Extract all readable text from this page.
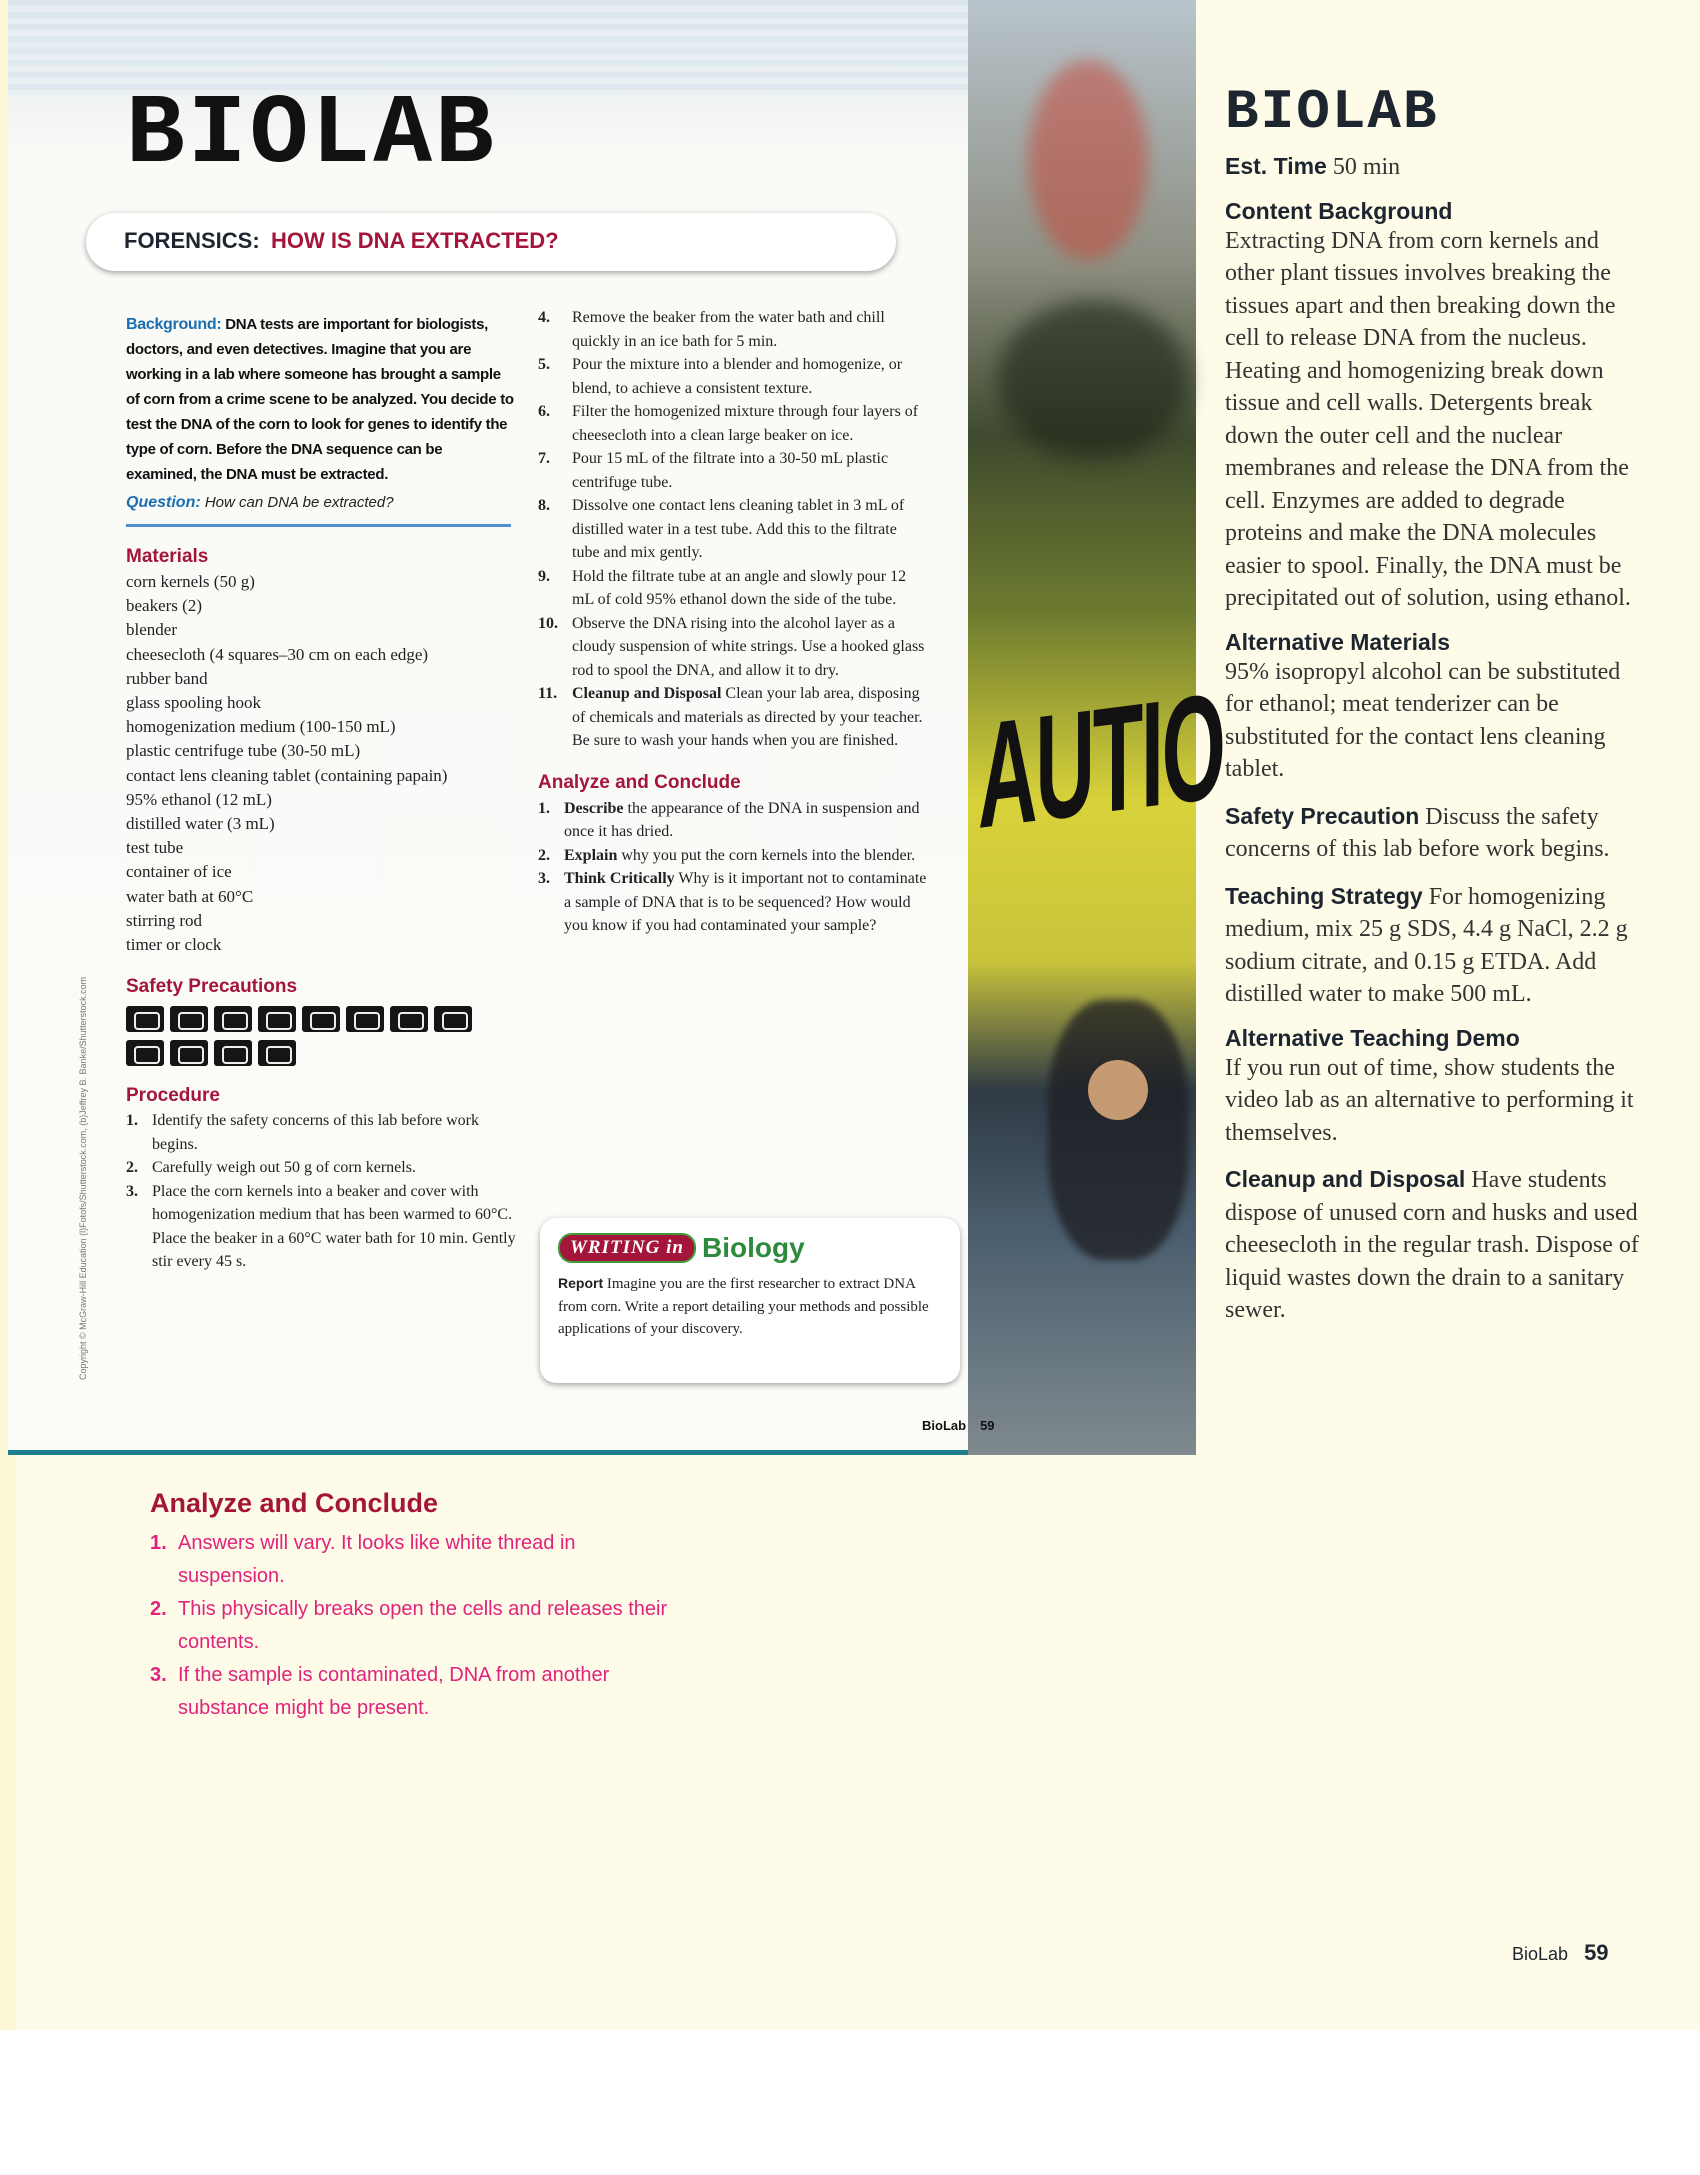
AUTIO
BIOLAB
FORENSICS: HOW IS DNA EXTRACTED?

Background: DNA tests are important for biologists, doctors, and even detectives. Imagine that you are working in a lab where someone has brought a sample of corn from a crime scene to be analyzed. You decide to test the DNA of the corn to look for genes to identify the type of corn. Before the DNA sequence can be examined, the DNA must be extracted.

Question: How can DNA be extracted?

Materials
corn kernels (50 g)
beakers (2)
blender
cheesecloth (4 squares–30 cm on each edge)
rubber band
glass spooling hook
homogenization medium (100-150 mL)
plastic centrifuge tube (30-50 mL)
contact lens cleaning tablet (containing papain)
95% ethanol (12 mL)
distilled water (3 mL)
test tube
container of ice
water bath at 60°C
stirring rod
timer or clock
Safety Precautions
Procedure
1. Identify the safety concerns of this lab before work begins.
2. Carefully weigh out 50 g of corn kernels.
3. Place the corn kernels into a beaker and cover with homogenization medium that has been warmed to 60°C. Place the beaker in a 60°C water bath for 10 min. Gently stir every 45 s.
4.	Remove the beaker from the water bath and chill quickly in an ice bath for 5 min.
5.	Pour the mixture into a blender and homogenize, or blend, to achieve a consistent texture.
6.	Filter the homogenized mixture through four layers of cheesecloth into a clean large beaker on ice.
7.	Pour 15 mL of the filtrate into a 30-50 mL plastic centrifuge tube.
8.	Dissolve one contact lens cleaning tablet in 3 mL of distilled water in a test tube. Add this to the filtrate tube and mix gently.
9.	Hold the filtrate tube at an angle and slowly pour 12 mL of cold 95% ethanol down the side of the tube.
10. Observe the DNA rising into the alcohol layer as a cloudy suspension of white strings. Use a hooked glass rod to spool the DNA, and allow it to dry.
11. Cleanup and Disposal Clean your lab area, disposing of chemicals and materials as directed by your teacher. Be sure to wash your hands when you are finished.
Analyze and Conclude
1. Describe the appearance of the DNA in suspension and once it has dried.
2. Explain why you put the corn kernels into the blender.
3. Think Critically Why is it important not to contaminate a sample of DNA that is to be sequenced? How would you know if you had contaminated your sample?
WRITING in Biology

Report Imagine you are the first researcher to extract DNA from corn. Write a report detailing your methods and possible applications of your discovery.

BioLab 59
Copyright © McGraw-Hill Education (l)Fotofs/Shutterstock.com, (b)Jeffrey B. Banke/Shutterstock.com
Analyze and Conclude
1. Answers will vary. It looks like white thread in suspension.
2. This physically breaks open the cells and releases their contents.
3. If the sample is contaminated, DNA from another substance might be present.
BIOLAB

Est. Time 50 min

Content Background

Extracting DNA from corn kernels and other plant tissues involves breaking the tissues apart and then breaking down the cell to release DNA from the nucleus. Heating and homogenizing break down tissue and cell walls. Detergents break down the outer cell and the nuclear membranes and release the DNA from the cell. Enzymes are added to degrade proteins and make the DNA molecules easier to spool. Finally, the DNA must be precipitated out of solution, using ethanol.

Alternative Materials

95% isopropyl alcohol can be substituted for ethanol; meat tenderizer can be substituted for the contact lens cleaning tablet.

Safety Precaution Discuss the safety concerns of this lab before work begins.

Teaching Strategy For homogenizing medium, mix 25 g SDS, 4.4 g NaCl, 2.2 g sodium citrate, and 0.15 g ETDA. Add distilled water to make 500 mL.

Alternative Teaching Demo

If you run out of time, show students the video lab as an alternative to performing it themselves.

Cleanup and Disposal Have students dispose of unused corn and husks and used cheesecloth in the regular trash. Dispose of liquid wastes down the drain to a sanitary sewer.

BioLab 59
